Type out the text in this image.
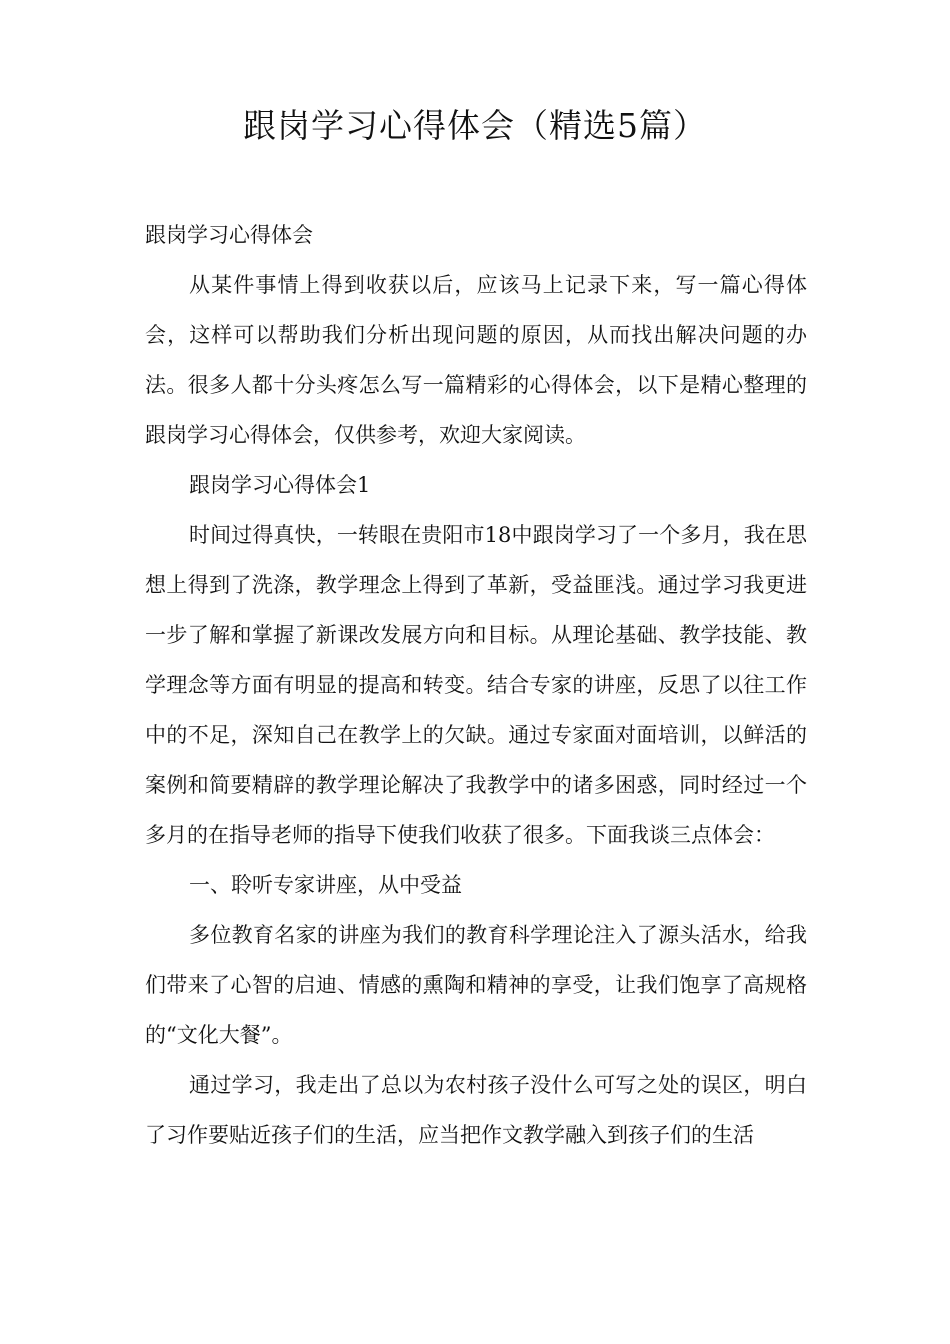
跟岗学习心得体会（精选5篇）

跟岗学习心得体会

从某件事情上得到收获以后，应该马上记录下来，写一篇心得体会，这样可以帮助我们分析出现问题的原因，从而找出解决问题的办法。很多人都十分头疼怎么写一篇精彩的心得体会，以下是精心整理的跟岗学习心得体会，仅供参考，欢迎大家阅读。

跟岗学习心得体会1

时间过得真快，一转眼在贵阳市18中跟岗学习了一个多月，我在思想上得到了洗涤，教学理念上得到了革新，受益匪浅。通过学习我更进一步了解和掌握了新课改发展方向和目标。从理论基础、教学技能、教学理念等方面有明显的提高和转变。结合专家的讲座，反思了以往工作中的不足，深知自己在教学上的欠缺。通过专家面对面培训，以鲜活的案例和简要精辟的教学理论解决了我教学中的诸多困惑，同时经过一个多月的在指导老师的指导下使我们收获了很多。下面我谈三点体会：

一、聆听专家讲座，从中受益

多位教育名家的讲座为我们的教育科学理论注入了源头活水，给我们带来了心智的启迪、情感的熏陶和精神的享受，让我们饱享了高规格的“文化大餐”。

通过学习，我走出了总以为农村孩子没什么可写之处的误区，明白了习作要贴近孩子们的生活，应当把作文教学融入到孩子们的生活
